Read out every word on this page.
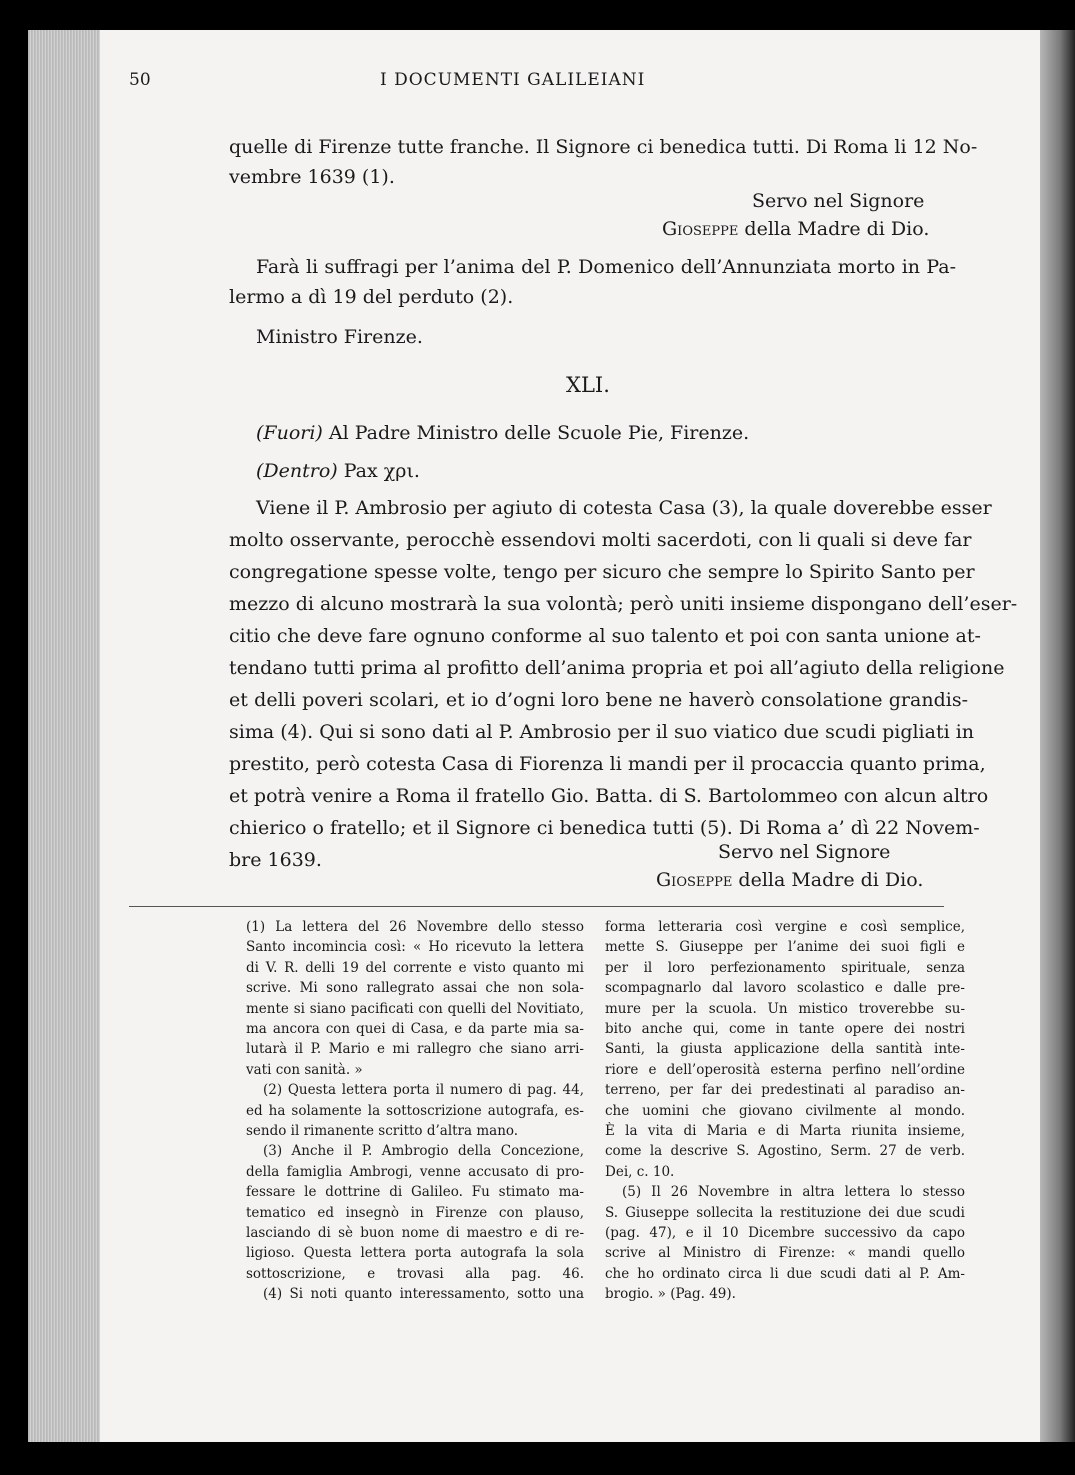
50	I DOCUMENTI GALILEIANI
quelle di Firenze tutte franche. Il Signore ci benedica tutti. Di Roma li 12 No-
vembre 1639 (1).
Servo nel Signore
Giosеppe della Madre di Dio.
Farà li suffragi per l’anima del P. Domenico dell’Annunziata morto in Pa-
lermo a dì 19 del perduto (2).
Ministro Firenze.
XLI.
(Fuori) Al Padre Ministro delle Scuole Pie, Firenze.
(Dentro) Pax χρι.
Viene il P. Ambrosio per agiuto di cotesta Casa (3), la quale doverebbe esser
molto osservante, perocchè essendovi molti sacerdoti, con li quali si deve far
congregatione spesse volte, tengo per sicuro che sempre lo Spirito Santo per
mezzo di alcuno mostrarà la sua volontà; però uniti insieme dispongano dell’eser-
citio che deve fare ognuno conforme al suo talento et poi con santa unione at-
tendano tutti prima al profitto dell’anima propria et poi all’agiuto della religione
et delli poveri scolari, et io d’ogni loro bene ne haverò consolatione grandis-
sima (4). Qui si sono dati al P. Ambrosio per il suo viatico due scudi pigliati in
prestito, però cotesta Casa di Fiorenza li mandi per il procaccia quanto prima,
et potrà venire a Roma il fratello Gio. Batta. di S. Bartolommeo con alcun altro
chierico o fratello; et il Signore ci benedica tutti (5). Di Roma a’ dì 22 Novem-
bre 1639.	Servo nel Signore
Gioseppe della Madre di Dio.
(1) La lettera del 26 Novembre dello stesso
Santo incomincia così: « Ho ricevuto la lettera
di V. R. delli 19 del corrente e visto quanto mi
scrive. Mi sono rallegrato assai che non sola-
mente si siano pacificati con quelli del Novitiato,
ma ancora con quei di Casa, e da parte mia sa-
lutarà il P. Mario e mi rallegro che siano arri-
vati con sanità. »
(2) Questa lettera porta il numero di pag. 44,
ed ha solamente la sottoscrizione autografa, es-
sendo il rimanente scritto d’altra mano.
(3) Anche il P. Ambrogio della Concezione,
della famiglia Ambrogi, venne accusato di pro-
fessare le dottrine di Galileo. Fu stimato ma-
tematico ed insegnò in Firenze con plauso,
lasciando di sè buon nome di maestro e di re-
ligioso. Questa lettera porta autografa la sola
sottoscrizione, e trovasi alla pag. 46.
(4) Si noti quanto interessamento, sotto una
forma letteraria così vergine e così semplice,
mette S. Giuseppe per l’anime dei suoi figli e
per il loro perfezionamento spirituale, senza
scompagnarlo dal lavoro scolastico e dalle pre-
mure per la scuola. Un mistico troverebbe su-
bito anche qui, come in tante opere dei nostri
Santi, la giusta applicazione della santità inte-
riore e dell’operosità esterna perfino nell’ordine
terreno, per far dei predestinati al paradiso an-
che uomini che giovano civilmente al mondo.
È la vita di Maria e di Marta riunita insieme,
come la descrive S. Agostino, Serm. 27 de verb.
Dei, c. 10.
(5) Il 26 Novembre in altra lettera lo stesso
S. Giuseppe sollecita la restituzione dei due scudi
(pag. 47), e il 10 Dicembre successivo da capo
scrive al Ministro di Firenze: « mandi quello
che ho ordinato circa li due scudi dati al P. Am-
brogio. » (Pag. 49).
